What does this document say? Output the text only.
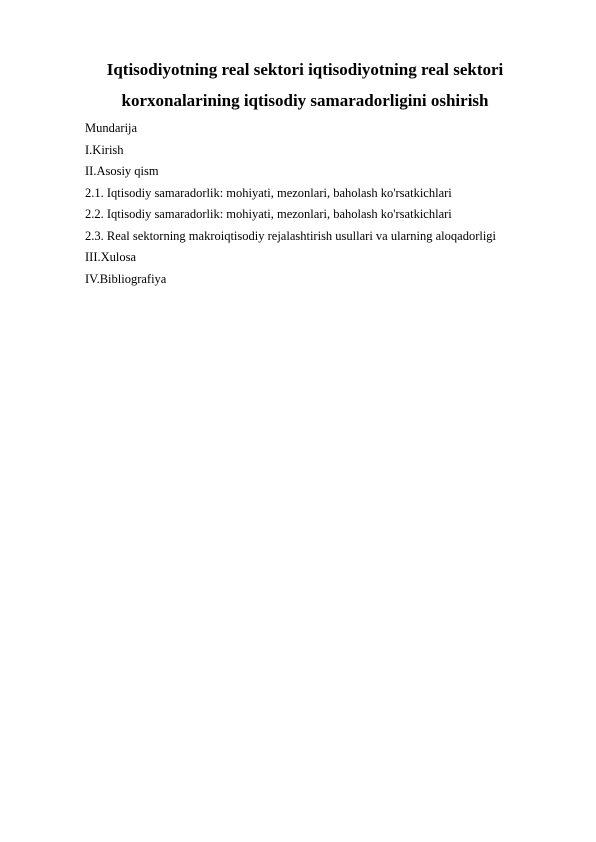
Iqtisodiyotning real sektori iqtisodiyotning real sektori
korxonalarining iqtisodiy samaradorligini oshirish
Mundarija
I.Kirish
II.Asosiy qism
2.1. Iqtisodiy samaradorlik: mohiyati, mezonlari, baholash ko'rsatkichlari
2.2. Iqtisodiy samaradorlik: mohiyati, mezonlari, baholash ko'rsatkichlari
2.3. Real sektorning makroiqtisodiy rejalashtirish usullari va ularning aloqadorligi
III.Xulosa
IV.Bibliografiya
